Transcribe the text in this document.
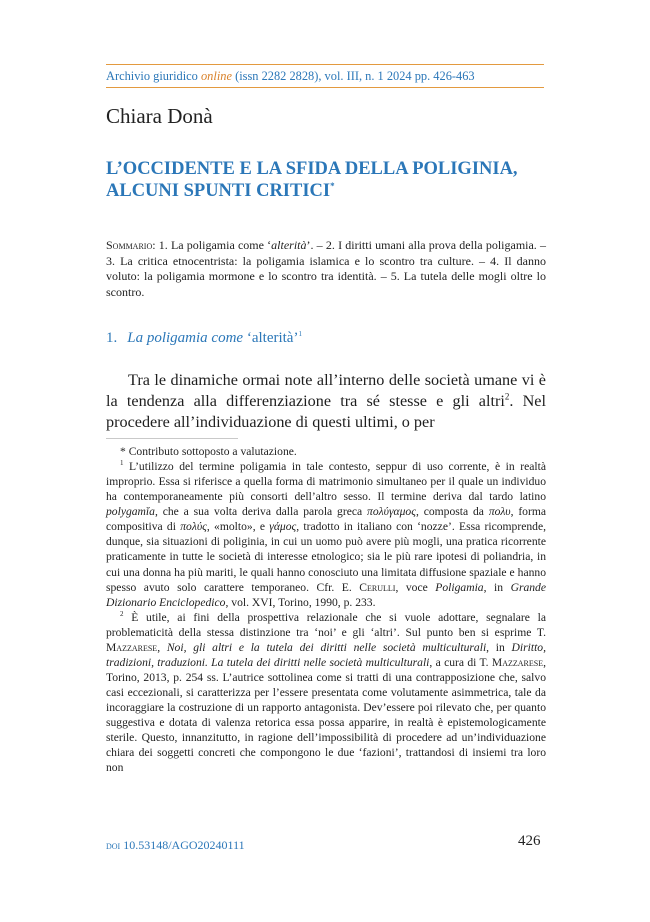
Archivio giuridico online (issn 2282 2828), vol. III, n. 1 2024 pp. 426-463
Chiara Donà
L’OCCIDENTE E LA SFIDA DELLA POLIGINIA, ALCUNI SPUNTI CRITICI*
Sommario: 1. La poligamia come ‘alterità’. – 2. I diritti umani alla prova della poligamia. – 3. La critica etnocentrista: la poligamia islamica e lo scontro tra culture. – 4. Il danno voluto: la poligamia mormone e lo scontro tra identità. – 5. La tutela delle mogli oltre lo scontro.
1. La poligamia come ‘alterità’$^1$
Tra le dinamiche ormai note all’interno delle società umane vi è la tendenza alla differenziazione tra sé stesse e gli altri$^2$. Nel procedere all’individuazione di questi ultimi, o per

* Contributo sottoposto a valutazione.

$^1$ L’utilizzo del termine poligamia in tale contesto, seppur di uso corrente, è in realtà improprio. Essa si riferisce a quella forma di matrimonio simultaneo per il quale un individuo ha contemporaneamente più consorti dell’altro sesso. Il termine deriva dal tardo latino polygamĭa, che a sua volta deriva dalla parola greca πολύγαμος, composta da πολυ, forma compositiva di πολύς, «molto», e γάμος, tradotto in italiano con ‘nozze’. Essa ricomprende, dunque, sia situazioni di poliginia, in cui un uomo può avere più mogli, una pratica ricorrente praticamente in tutte le società di interesse etnologico; sia le più rare ipotesi di poliandria, in cui una donna ha più mariti, le quali hanno conosciuto una limitata diffusione spaziale e hanno spesso avuto solo carattere temporaneo. Cfr. E. Cerulli, voce Poligamia, in Grande Dizionario Enciclopedico, vol. XVI, Torino, 1990, p. 233.

$^2$ È utile, ai fini della prospettiva relazionale che si vuole adottare, segnalare la problematicità della stessa distinzione tra ‘noi’ e gli ‘altri’. Sul punto ben si esprime T. Mazzarese, Noi, gli altri e la tutela dei diritti nelle società multiculturali, in Diritto, tradizioni, traduzioni. La tutela dei diritti nelle società multiculturali, a cura di T. Mazzarese, Torino, 2013, p. 254 ss. L’autrice sottolinea come si tratti di una contrapposizione che, salvo casi eccezionali, si caratterizza per l’essere presentata come volutamente asimmetrica, tale da incoraggiare la costruzione di un rapporto antagonista. Dev’essere poi rilevato che, per quanto suggestiva e dotata di valenza retorica essa possa apparire, in realtà è epistemologicamente sterile. Questo, innanzitutto, in ragione dell’impossibilità di procedere ad un’individuazione chiara dei soggetti concreti che compongono le due ‘fazioni’, trattandosi di insiemi tra loro non

doi 10.53148/AGO20240111	426
